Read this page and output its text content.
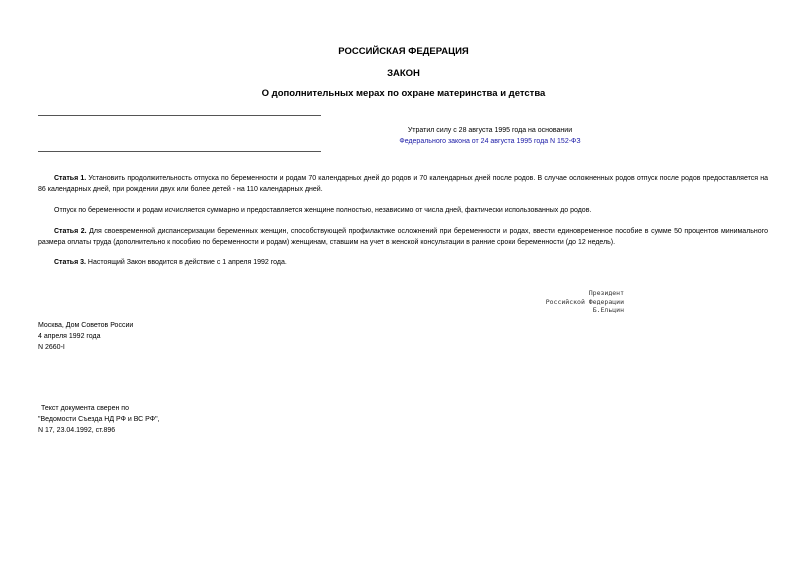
РОССИЙСКАЯ ФЕДЕРАЦИЯ
ЗАКОН
О дополнительных мерах по охране материнства и детства
Утратил силу с 28 августа 1995 года на основании
Федерального закона от 24 августа 1995 года N 152-ФЗ
Статья 1. Установить продолжительность отпуска по беременности и родам 70 календарных дней до родов и 70 календарных дней после родов. В случае осложненных родов отпуск после родов предоставляется на 86 календарных дней, при рождении двух или более детей - на 110 календарных дней.
Отпуск по беременности и родам исчисляется суммарно и предоставляется женщине полностью, независимо от числа дней, фактически использованных до родов.
Статья 2. Для своевременной диспансеризации беременных женщин, способствующей профилактике осложнений при беременности и родах, ввести единовременное пособие в сумме 50 процентов минимального размера оплаты труда (дополнительно к пособию по беременности и родам) женщинам, ставшим на учет в женской консультации в ранние сроки беременности (до 12 недель).
Статья 3. Настоящий Закон вводится в действие с 1 апреля 1992 года.
Президент
Российской Федерации
Б.Ельцин
Москва, Дом Советов России
4 апреля 1992 года
N 2660-I
Текст документа сверен по
"Ведомости Съезда НД РФ и ВС РФ",
N 17, 23.04.1992, ст.896
